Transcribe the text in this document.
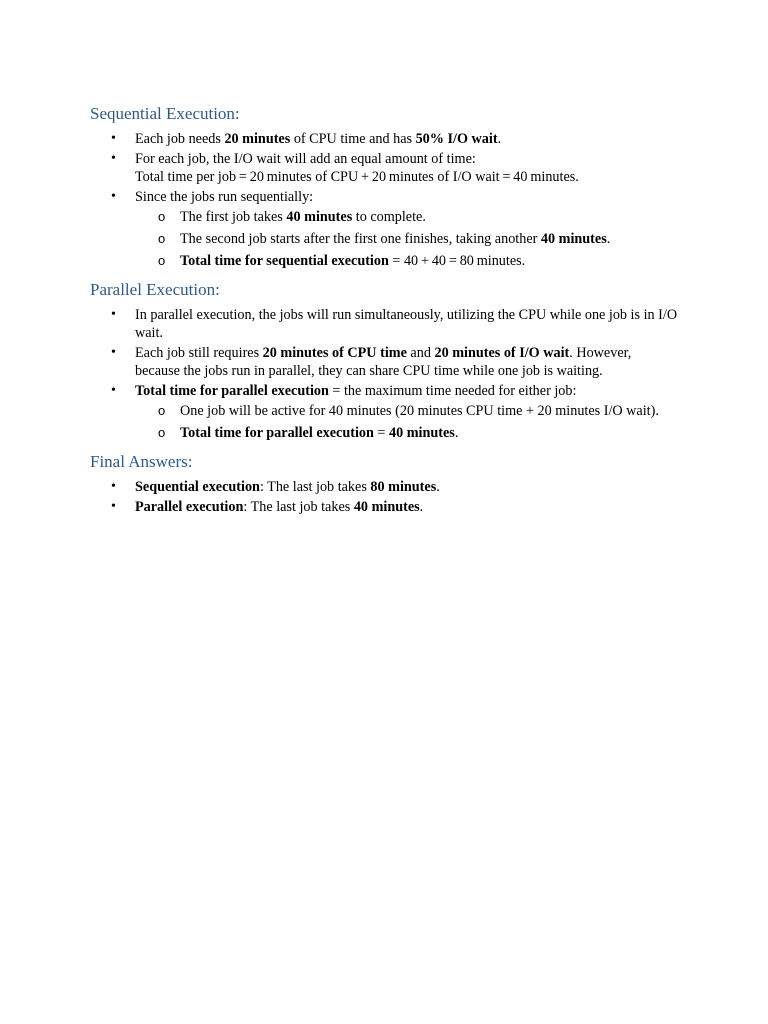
Sequential Execution:
• Each job needs 20 minutes of CPU time and has 50% I/O wait.
• For each job, the I/O wait will add an equal amount of time:
Total time per job = 20 minutes of CPU + 20 minutes of I/O wait = 40 minutes.
• Since the jobs run sequentially:
o The first job takes 40 minutes to complete.
o The second job starts after the first one finishes, taking another 40 minutes.
o Total time for sequential execution = 40 + 40 = 80 minutes.
Parallel Execution:
• In parallel execution, the jobs will run simultaneously, utilizing the CPU while one job is in I/O wait.
• Each job still requires 20 minutes of CPU time and 20 minutes of I/O wait. However, because the jobs run in parallel, they can share CPU time while one job is waiting.
• Total time for parallel execution = the maximum time needed for either job:
o One job will be active for 40 minutes (20 minutes CPU time + 20 minutes I/O wait).
o Total time for parallel execution = 40 minutes.
Final Answers:
• Sequential execution: The last job takes 80 minutes.
• Parallel execution: The last job takes 40 minutes.
